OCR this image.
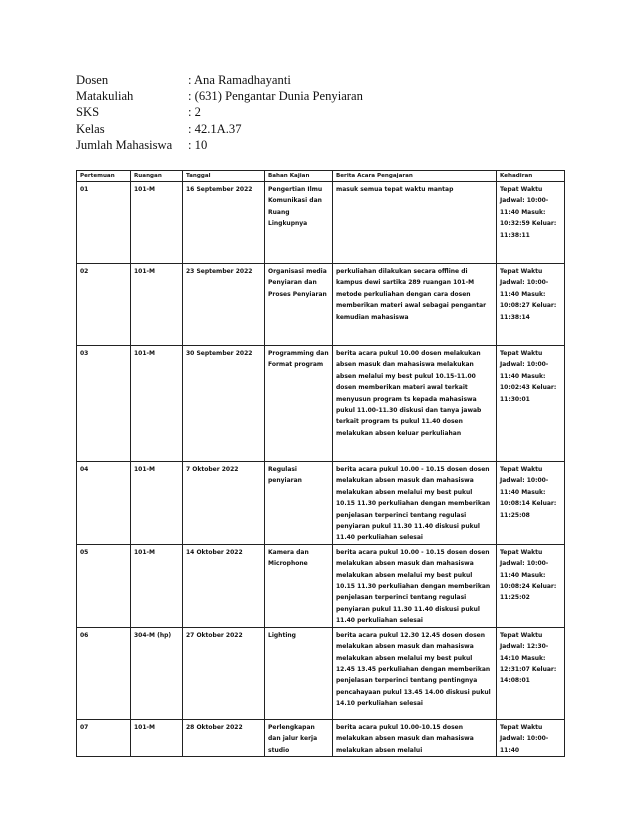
Dosen	: Ana Ramadhayanti
Matakuliah	: (631) Pengantar Dunia Penyiaran
SKS	: 2
Kelas	: 42.1A.37
Jumlah Mahasiswa	: 10
Pertemuan	Ruangan	Tanggal	Bahan Kajian	Berita Acara Pengajaran	Kehadiran
01	101-M	16 September 2022	Pengertian Ilmu Komunikasi dan Ruang Lingkupnya	masuk semua tepat waktu mantap	Tepat Waktu Jadwal: 10:00-11:40 Masuk: 10:32:59 Keluar: 11:38:11
02	101-M	23 September 2022	Organisasi media Penyiaran dan Proses Penyiaran	perkuliahan dilakukan secara offline di kampus dewi sartika 289 ruangan 101-M metode perkuliahan dengan cara dosen memberikan materi awal sebagai pengantar kemudian mahasiswa	Tepat Waktu Jadwal: 10:00-11:40 Masuk: 10:08:27 Keluar: 11:38:14
03	101-M	30 September 2022	Programming dan Format program	berita acara pukul 10.00 dosen melakukan absen masuk dan mahasiswa melakukan absen melalui my best pukul 10.15-11.00 dosen memberikan materi awal terkait menyusun program ts kepada mahasiswa pukul 11.00-11.30 diskusi dan tanya jawab terkait program ts pukul 11.40 dosen melakukan absen keluar perkuliahan	Tepat Waktu Jadwal: 10:00-11:40 Masuk: 10:02:43 Keluar: 11:30:01
04	101-M	7 Oktober 2022	Regulasi penyiaran	berita acara pukul 10.00 - 10.15 dosen dosen melakukan absen masuk dan mahasiswa melakukan absen melalui my best pukul 10.15 11.30 perkuliahan dengan memberikan penjelasan terperinci tentang regulasi penyiaran pukul 11.30 11.40 diskusi pukul 11.40 perkuliahan selesai	Tepat Waktu Jadwal: 10:00-11:40 Masuk: 10:08:14 Keluar: 11:25:08
05	101-M	14 Oktober 2022	Kamera dan Microphone	berita acara pukul 10.00 - 10.15 dosen dosen melakukan absen masuk dan mahasiswa melakukan absen melalui my best pukul 10.15 11.30 perkuliahan dengan memberikan penjelasan terperinci tentang regulasi penyiaran pukul 11.30 11.40 diskusi pukul 11.40 perkuliahan selesai	Tepat Waktu Jadwal: 10:00-11:40 Masuk: 10:08:24 Keluar: 11:25:02
06	304-M (hp)	27 Oktober 2022	Lighting	berita acara pukul 12.30 12.45 dosen dosen melakukan absen masuk dan mahasiswa melakukan absen melalui my best pukul 12.45 13.45 perkuliahan dengan memberikan penjelasan terperinci tentang pentingnya pencahayaan pukul 13.45 14.00 diskusi pukul 14.10 perkuliahan selesai	Tepat Waktu Jadwal: 12:30-14:10 Masuk: 12:31:07 Keluar: 14:08:01
07	101-M	28 Oktober 2022	Perlengkapan dan jalur kerja studio	berita acara pukul 10.00-10.15 dosen melakukan absen masuk dan mahasiswa melakukan absen melalui	Tepat Waktu Jadwal: 10:00-11:40
